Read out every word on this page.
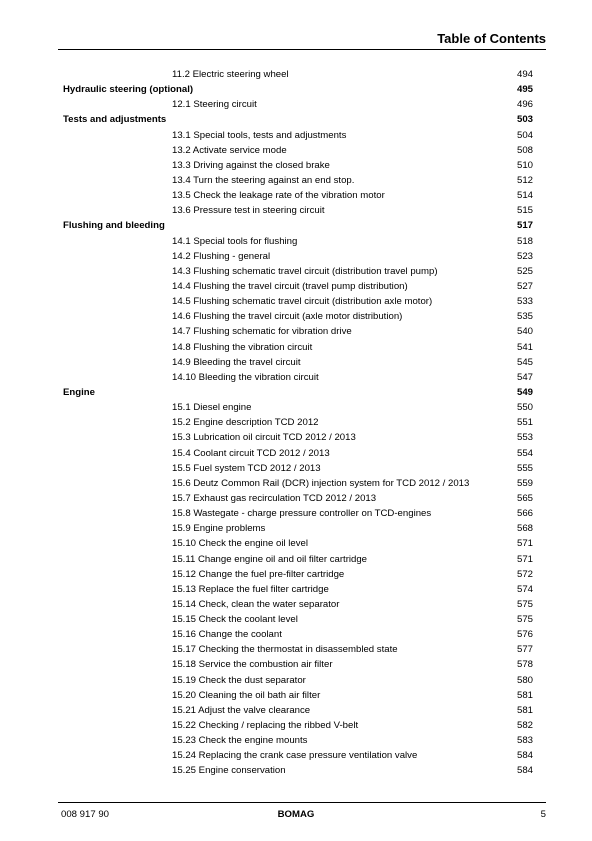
Table of Contents
11.2 Electric steering wheel	494
Hydraulic steering (optional)	495
12.1 Steering circuit	496
Tests and adjustments	503
13.1 Special tools, tests and adjustments	504
13.2 Activate service mode	508
13.3 Driving against the closed brake	510
13.4 Turn the steering against an end stop.	512
13.5 Check the leakage rate of the vibration motor	514
13.6 Pressure test in steering circuit	515
Flushing and bleeding	517
14.1 Special tools for flushing	518
14.2 Flushing - general	523
14.3 Flushing schematic travel circuit (distribution travel pump)	525
14.4 Flushing the travel circuit (travel pump distribution)	527
14.5 Flushing schematic travel circuit (distribution axle motor)	533
14.6 Flushing the travel circuit (axle motor distribution)	535
14.7 Flushing schematic for vibration drive	540
14.8 Flushing the vibration circuit	541
14.9 Bleeding the travel circuit	545
14.10 Bleeding the vibration circuit	547
Engine	549
15.1 Diesel engine	550
15.2 Engine description TCD 2012	551
15.3 Lubrication oil circuit TCD 2012 / 2013	553
15.4 Coolant circuit TCD 2012 / 2013	554
15.5 Fuel system TCD 2012 / 2013	555
15.6 Deutz Common Rail (DCR) injection system for TCD 2012 / 2013	559
15.7 Exhaust gas recirculation TCD 2012 / 2013	565
15.8 Wastegate - charge pressure controller on TCD-engines	566
15.9 Engine problems	568
15.10 Check the engine oil level	571
15.11 Change engine oil and oil filter cartridge	571
15.12 Change the fuel pre-filter cartridge	572
15.13 Replace the fuel filter cartridge	574
15.14 Check, clean the water separator	575
15.15 Check the coolant level	575
15.16 Change the coolant	576
15.17 Checking the thermostat in disassembled state	577
15.18 Service the combustion air filter	578
15.19 Check the dust separator	580
15.20 Cleaning the oil bath air filter	581
15.21 Adjust the valve clearance	581
15.22 Checking / replacing the ribbed V-belt	582
15.23 Check the engine mounts	583
15.24 Replacing the crank case pressure ventilation valve	584
15.25 Engine conservation	584
008 917 90	BOMAG	5
